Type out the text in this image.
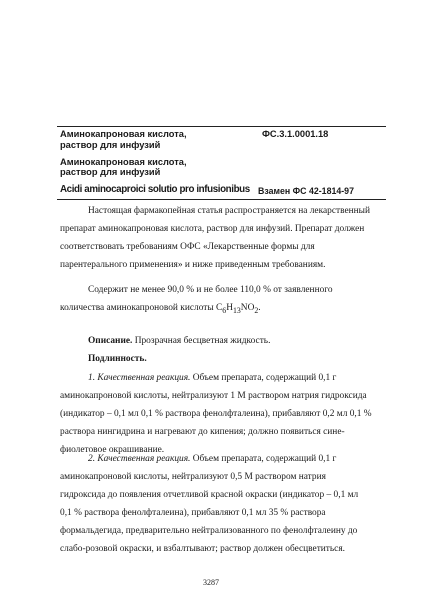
Аминокапроновая кислота,
раствор для инфузий
Аминокапроновая кислота,
раствор для инфузий
ФС.3.1.0001.18
Acidi aminocaproici solutio pro infusionibus Взамен ФС 42-1814-97
Настоящая фармакопейная статья распространяется на лекарственный
препарат аминокапроновая кислота, раствор для инфузий. Препарат должен
соответствовать требованиям ОФС «Лекарственные формы для
парентерального применения» и ниже приведенным требованиям.
Содержит не менее 90,0 % и не более 110,0 % от заявленного
количества аминокапроновой кислоты $C_6H_{13}NO_2$.
Описание. Прозрачная бесцветная жидкость.
Подлинность.
1. Качественная реакция. Объем препарата, содержащий 0,1 г
аминокапроновой кислоты, нейтрализуют 1 М раствором натрия гидроксида
(индикатор – 0,1 мл 0,1 % раствора фенолфталеина), прибавляют 0,2 мл 0,1 %
раствора нингидрина и нагревают до кипения; должно появиться сине-
фиолетовое окрашивание.
2. Качественная реакция. Объем препарата, содержащий 0,1 г
аминокапроновой кислоты, нейтрализуют 0,5 М раствором натрия
гидроксида до появления отчетливой красной окраски (индикатор – 0,1 мл
0,1 % раствора фенолфталеина), прибавляют 0,1 мл 35 % раствора
формальдегида, предварительно нейтрализованного по фенолфталеину до
слабо-розовой окраски, и взбалтывают; раствор должен обесцветиться.
3287
